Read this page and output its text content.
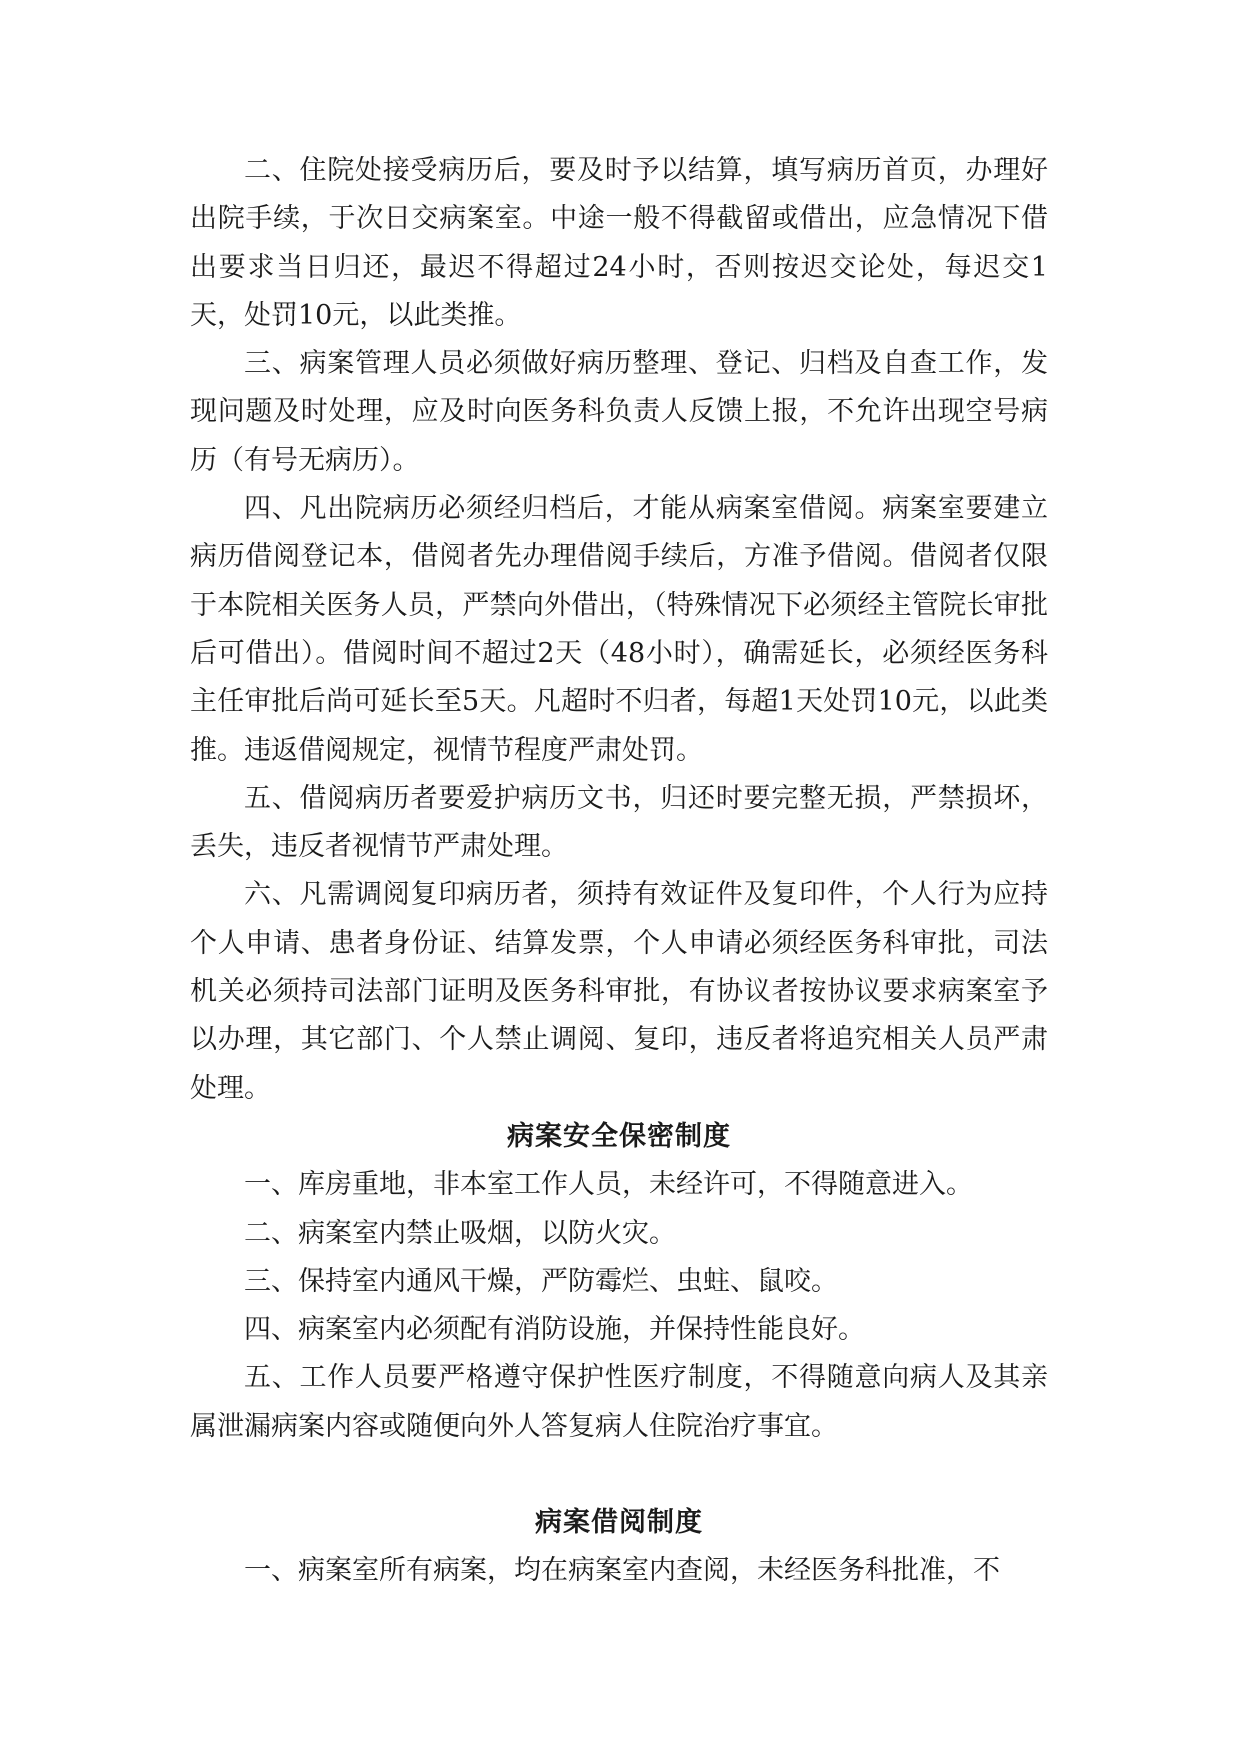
二、住院处接受病历后，要及时予以结算，填写病历首页，办理好出院手续，于次日交病案室。中途一般不得截留或借出，应急情况下借出要求当日归还，最迟不得超过24小时，否则按迟交论处，每迟交1天，处罚10元，以此类推。

三、病案管理人员必须做好病历整理、登记、归档及自查工作，发现问题及时处理，应及时向医务科负责人反馈上报，不允许出现空号病历（有号无病历）。

四、凡出院病历必须经归档后，才能从病案室借阅。病案室要建立病历借阅登记本，借阅者先办理借阅手续后，方准予借阅。借阅者仅限于本院相关医务人员，严禁向外借出，（特殊情况下必须经主管院长审批后可借出）。借阅时间不超过2天（48小时），确需延长，必须经医务科主任审批后尚可延长至5天。凡超时不归者，每超1天处罚10元，以此类推。违返借阅规定，视情节程度严肃处罚。

五、借阅病历者要爱护病历文书，归还时要完整无损，严禁损坏，丢失，违反者视情节严肃处理。

六、凡需调阅复印病历者，须持有效证件及复印件，个人行为应持个人申请、患者身份证、结算发票，个人申请必须经医务科审批，司法机关必须持司法部门证明及医务科审批，有协议者按协议要求病案室予以办理，其它部门、个人禁止调阅、复印，违反者将追究相关人员严肃处理。

病案安全保密制度

一、库房重地，非本室工作人员，未经许可，不得随意进入。

二、病案室内禁止吸烟，以防火灾。

三、保持室内通风干燥，严防霉烂、虫蛀、鼠咬。

四、病案室内必须配有消防设施，并保持性能良好。

五、工作人员要严格遵守保护性医疗制度，不得随意向病人及其亲属泄漏病案内容或随便向外人答复病人住院治疗事宜。

病案借阅制度

一、病案室所有病案，均在病案室内查阅，未经医务科批准，不
